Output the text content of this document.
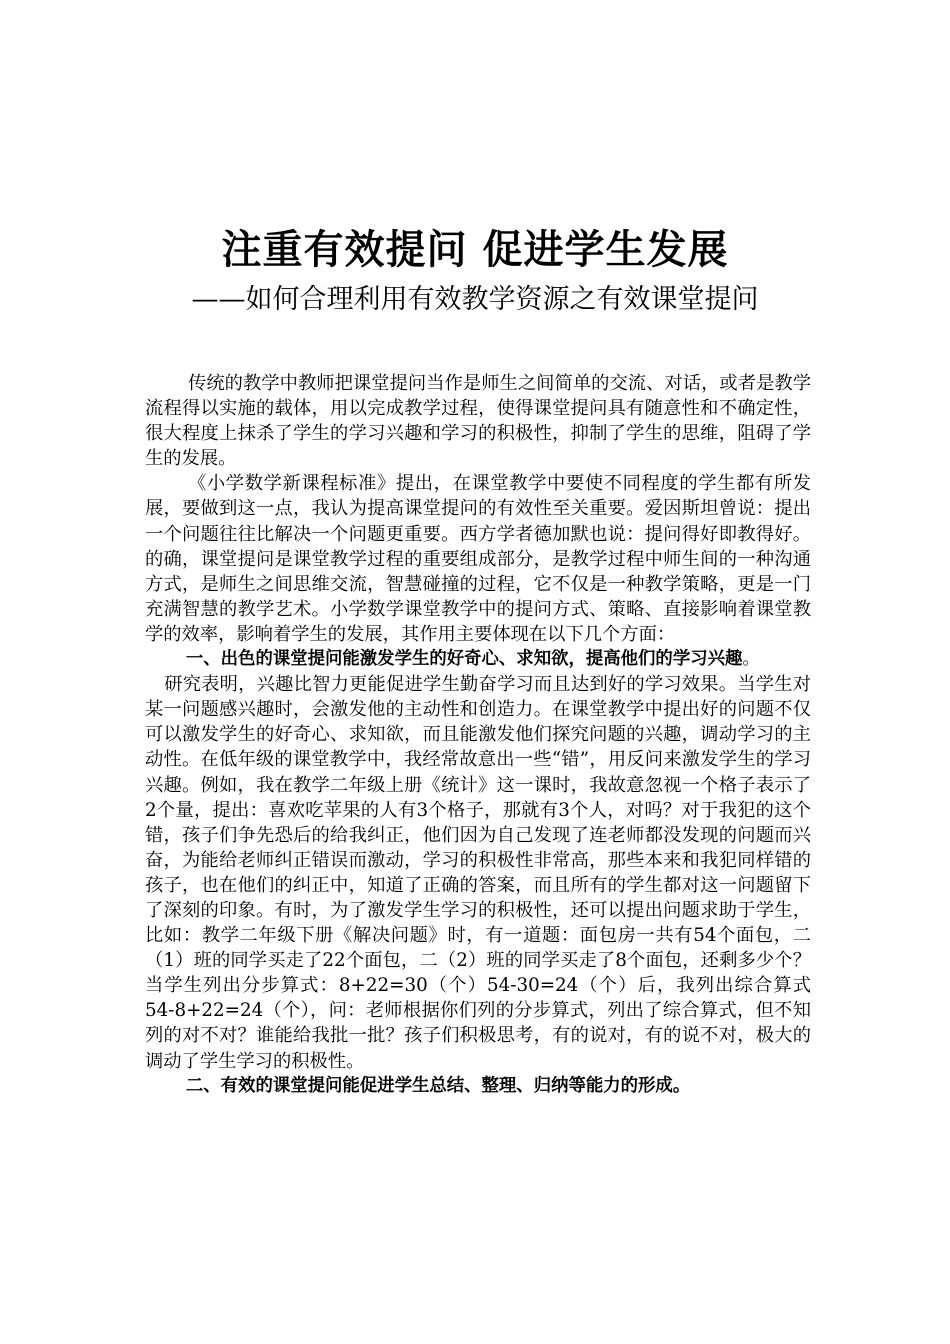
注重有效提问 促进学生发展
——如何合理利用有效教学资源之有效课堂提问

传统的教学中教师把课堂提问当作是师生之间简单的交流、对话，或者是教学流程得以实施的载体，用以完成教学过程，使得课堂提问具有随意性和不确定性，很大程度上抹杀了学生的学习兴趣和学习的积极性，抑制了学生的思维，阻碍了学生的发展。

《小学数学新课程标准》提出，在课堂教学中要使不同程度的学生都有所发展，要做到这一点，我认为提高课堂提问的有效性至关重要。爱因斯坦曾说：提出一个问题往往比解决一个问题更重要。西方学者德加默也说：提问得好即教得好。的确，课堂提问是课堂教学过程的重要组成部分，是教学过程中师生间的一种沟通方式，是师生之间思维交流，智慧碰撞的过程，它不仅是一种教学策略，更是一门充满智慧的教学艺术。小学数学课堂教学中的提问方式、策略、直接影响着课堂教学的效率，影响着学生的发展，其作用主要体现在以下几个方面：

一、出色的课堂提问能激发学生的好奇心、求知欲，提高他们的学习兴趣。

研究表明，兴趣比智力更能促进学生勤奋学习而且达到好的学习效果。当学生对某一问题感兴趣时，会激发他的主动性和创造力。在课堂教学中提出好的问题不仅可以激发学生的好奇心、求知欲，而且能激发他们探究问题的兴趣，调动学习的主动性。在低年级的课堂教学中，我经常故意出一些“错”，用反问来激发学生的学习兴趣。例如，我在教学二年级上册《统计》这一课时，我故意忽视一个格子表示了2个量，提出：喜欢吃苹果的人有3个格子，那就有3个人，对吗？对于我犯的这个错，孩子们争先恐后的给我纠正，他们因为自己发现了连老师都没发现的问题而兴奋，为能给老师纠正错误而激动，学习的积极性非常高，那些本来和我犯同样错的孩子，也在他们的纠正中，知道了正确的答案，而且所有的学生都对这一问题留下了深刻的印象。有时，为了激发学生学习的积极性，还可以提出问题求助于学生，比如：教学二年级下册《解决问题》时，有一道题：面包房一共有54个面包，二（1）班的同学买走了22个面包，二（2）班的同学买走了8个面包，还剩多少个？当学生列出分步算式：8+22=30（个）54-30=24（个）后，我列出综合算式54-8+22=24（个），问：老师根据你们列的分步算式，列出了综合算式，但不知列的对不对？谁能给我批一批？孩子们积极思考，有的说对，有的说不对，极大的调动了学生学习的积极性。

二、有效的课堂提问能促进学生总结、整理、归纳等能力的形成。
